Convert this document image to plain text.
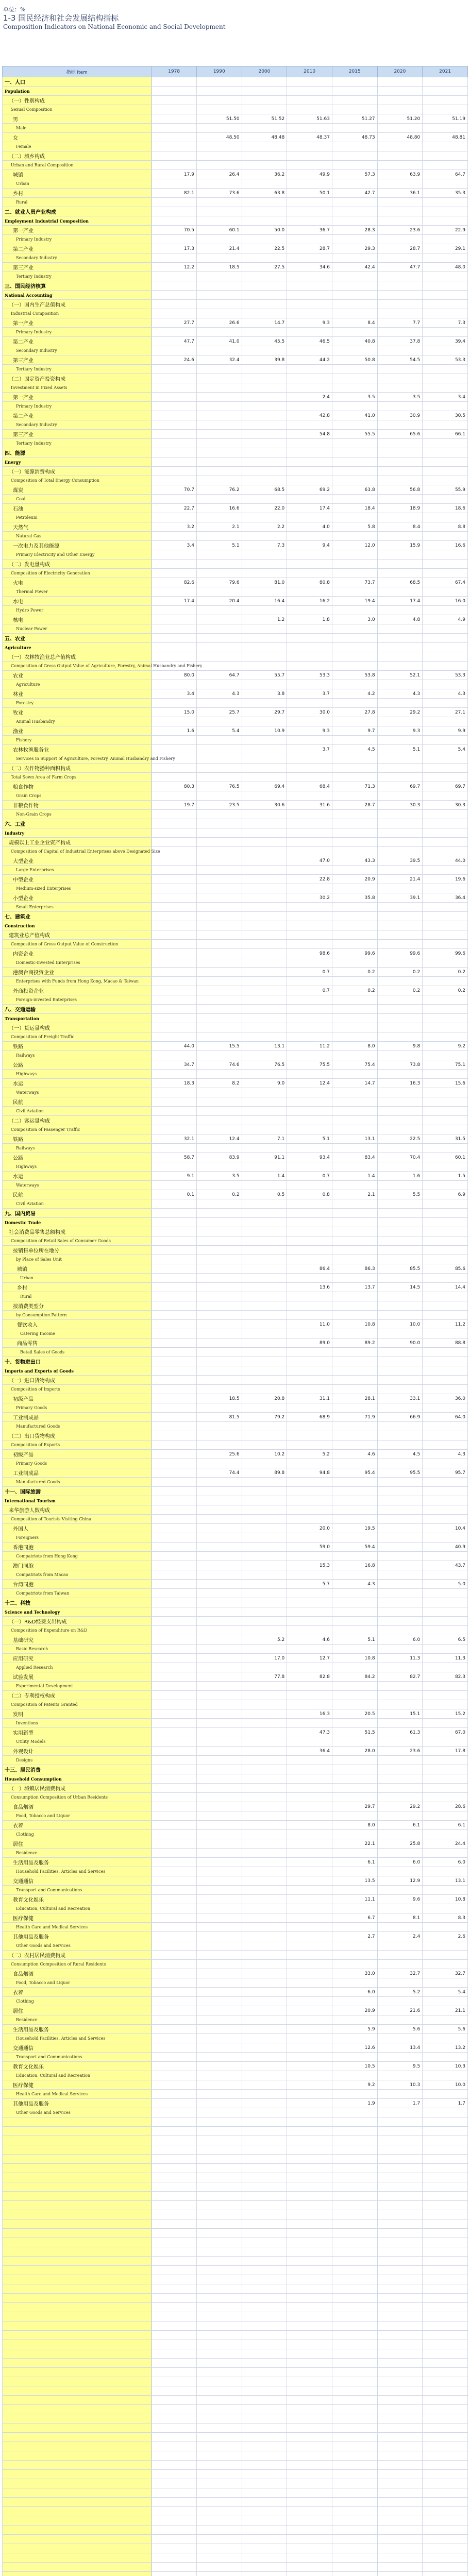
单位：%
1-3 国民经济和社会发展结构指标
Composition Indicators on National Economic and Social Development
指标 Item	1978	1990	2000	2010	2015	2020	2021
一、人口							
Population							
（一）性别构成							
Sexual Composition							
男		51.50	51.52	51.63	51.27	51.20	51.19
Male							
女		48.50	48.48	48.37	48.73	48.80	48.81
Female							
（二）城乡构成							
Urban and Rural Composition							
城镇	17.9	26.4	36.2	49.9	57.3	63.9	64.7
Urban							
乡村	82.1	73.6	63.8	50.1	42.7	36.1	35.3
Rural							
二、就业人员产业构成							
Employment Industrial Composition							
第一产业	70.5	60.1	50.0	36.7	28.3	23.6	22.9
Primary Industry							
第二产业	17.3	21.4	22.5	28.7	29.3	28.7	29.1
Secondary Industry							
第三产业	12.2	18.5	27.5	34.6	42.4	47.7	48.0
Tertiary Industry							
三、国民经济核算							
National Accounting							
（一）国内生产总值构成							
Industrial Composition							
第一产业	27.7	26.6	14.7	9.3	8.4	7.7	7.3
Primary Industry							
第二产业	47.7	41.0	45.5	46.5	40.8	37.8	39.4
Secondary Industry							
第三产业	24.6	32.4	39.8	44.2	50.8	54.5	53.3
Tertiary Industry							
（二）固定资产投资构成							
Investment in Fixed Assets							
第一产业				2.4	3.5	3.5	3.4
Primary Industry							
第二产业				42.8	41.0	30.9	30.5
Secondary Industry							
第三产业				54.8	55.5	65.6	66.1
Tertiary Industry							
四、能源							
Energy							
（一）能源消费构成							
Composition of Total Energy Consumption							
煤炭	70.7	76.2	68.5	69.2	63.8	56.8	55.9
Coal							
石油	22.7	16.6	22.0	17.4	18.4	18.9	18.6
Petroleum							
天然气	3.2	2.1	2.2	4.0	5.8	8.4	8.8
Natural Gas							
一次电力及其他能源	3.4	5.1	7.3	9.4	12.0	15.9	16.6
Primary Electricity and Other Energy							
（二）发电量构成							
Composition of Electricity Generation							
火电	82.6	79.6	81.0	80.8	73.7	68.5	67.4
Thermal Power							
水电	17.4	20.4	16.4	16.2	19.4	17.4	16.0
Hydro Power							
核电			1.2	1.8	3.0	4.8	4.9
Nuclear Power							
五、农业							
Agriculture							
（一）农林牧渔业总产值构成							
Composition of Gross Output Value of Agriculture, Forestry, Animal Husbandry and Fishery							
农业	80.0	64.7	55.7	53.3	53.8	52.1	53.3
Agriculture							
林业	3.4	4.3	3.8	3.7	4.2	4.3	4.3
Forestry							
牧业	15.0	25.7	29.7	30.0	27.8	29.2	27.1
Animal Husbandry							
渔业	1.6	5.4	10.9	9.3	9.7	9.3	9.9
Fishery							
农林牧渔服务业				3.7	4.5	5.1	5.4
Services in Support of Agriculture, Forestry, Animal Husbandry and Fishery							
（二）农作物播种面积构成							
Total Sown Area of Farm Crops							
粮食作物	80.3	76.5	69.4	68.4	71.3	69.7	69.7
Grain Crops							
非粮食作物	19.7	23.5	30.6	31.6	28.7	30.3	30.3
Non-Grain Crops							
六、工业							
Industry							
规模以上工业企业资产构成							
Composition of Capital of Industrial Enterprises above Designated Size							
大型企业				47.0	43.3	39.5	44.0
Large Enterprises							
中型企业				22.8	20.9	21.4	19.6
Medium-sized Enterprises							
小型企业				30.2	35.8	39.1	36.4
Small Enterprises							
七、建筑业							
Construction							
建筑业总产值构成							
Composition of Gross Output Value of Construction							
内资企业				98.6	99.6	99.6	99.6
Domestic-invested Enterprises							
港澳台商投资企业				0.7	0.2	0.2	0.2
Enterprises with Funds from Hong Kong, Macao & Taiwan							
外商投资企业				0.7	0.2	0.2	0.2
Foreign-invested Enterprises							
八、交通运输							
Transportation							
（一）货运量构成							
Composition of Freight Traffic							
铁路	44.0	15.5	13.1	11.2	8.0	9.8	9.2
Railways							
公路	34.7	74.6	76.5	75.5	75.4	73.8	75.1
Highways							
水运	18.3	8.2	9.0	12.4	14.7	16.3	15.6
Waterways							
民航							
Civil Aviation							
（二）客运量构成							
Composition of Passenger Traffic							
铁路	32.1	12.4	7.1	5.1	13.1	22.5	31.5
Railways							
公路	58.7	83.9	91.1	93.4	83.4	70.4	60.1
Highways							
水运	9.1	3.5	1.4	0.7	1.4	1.6	1.5
Waterways							
民航	0.1	0.2	0.5	0.8	2.1	5.5	6.9
Civil Aviation							
九、国内贸易							
Domestic Trade							
社会消费品零售总额构成							
Composition of Retail Sales of Consumer Goods							
按销售单位所在地分							
by Place of Sales Unit							
城镇				86.4	86.3	85.5	85.6
Urban							
乡村				13.6	13.7	14.5	14.4
Rural							
按消费类型分							
by Consumption Pattern							
餐饮收入				11.0	10.8	10.0	11.2
Catering Income							
商品零售				89.0	89.2	90.0	88.8
Retail Sales of Goods							
十、货物进出口							
Imports and Exports of Goods							
（一）进口货物构成							
Composition of Imports							
初级产品		18.5	20.8	31.1	28.1	33.1	36.0
Primary Goods							
工业制成品		81.5	79.2	68.9	71.9	66.9	64.0
Manufactured Goods							
（二）出口货物构成							
Composition of Exports							
初级产品		25.6	10.2	5.2	4.6	4.5	4.3
Primary Goods							
工业制成品		74.4	89.8	94.8	95.4	95.5	95.7
Manufactured Goods							
十一、国际旅游							
International Tourism							
来华旅游人数构成							
Composition of Tourists Visiting China							
外国人				20.0	19.5		10.4
Foreigners							
香港同胞				59.0	59.4		40.9
Compatriots from Hong Kong							
澳门同胞				15.3	16.8		43.7
Compatriots from Macao							
台湾同胞				5.7	4.3		5.0
Compatriots from Taiwan							
十二、科技							
Science and Technology							
（一）R&D经费支出构成							
Composition of Expenditure on R&D							
基础研究			5.2	4.6	5.1	6.0	6.5
Basic Research							
应用研究			17.0	12.7	10.8	11.3	11.3
Applied Research							
试验发展			77.8	82.8	84.2	82.7	82.3
Experimental Development							
（二）专利授权构成							
Composition of Patents Granted							
发明				16.3	20.5	15.1	15.2
Inventions							
实用新型				47.3	51.5	61.3	67.0
Utility Models							
外观设计				36.4	28.0	23.6	17.8
Designs							
十三、居民消费							
Household Consumption							
（一）城镇居民消费构成							
Consumption Composition of Urban Residents							
食品烟酒					29.7	29.2	28.6
Food, Tobacco and Liquor							
衣着					8.0	6.1	6.1
Clothing							
居住					22.1	25.8	24.4
Residence							
生活用品及服务					6.1	6.0	6.0
Household Facilities, Articles and Services							
交通通信					13.5	12.9	13.1
Transport and Communications							
教育文化娱乐					11.1	9.6	10.8
Education, Cultural and Recreation							
医疗保健					6.7	8.1	8.3
Health Care and Medical Services							
其他用品及服务					2.7	2.4	2.6
Other Goods and Services							
（二）农村居民消费构成							
Consumption Composition of Rural Residents							
食品烟酒					33.0	32.7	32.7
Food, Tobacco and Liquor							
衣着					6.0	5.2	5.4
Clothing							
居住					20.9	21.6	21.1
Residence							
生活用品及服务					5.9	5.6	5.6
Household Facilities, Articles and Services							
交通通信					12.6	13.4	13.2
Transport and Communications							
教育文化娱乐					10.5	9.5	10.3
Education, Cultural and Recreation							
医疗保健					9.2	10.3	10.0
Health Care and Medical Services							
其他用品及服务					1.9	1.7	1.7
Other Goods and Services							
